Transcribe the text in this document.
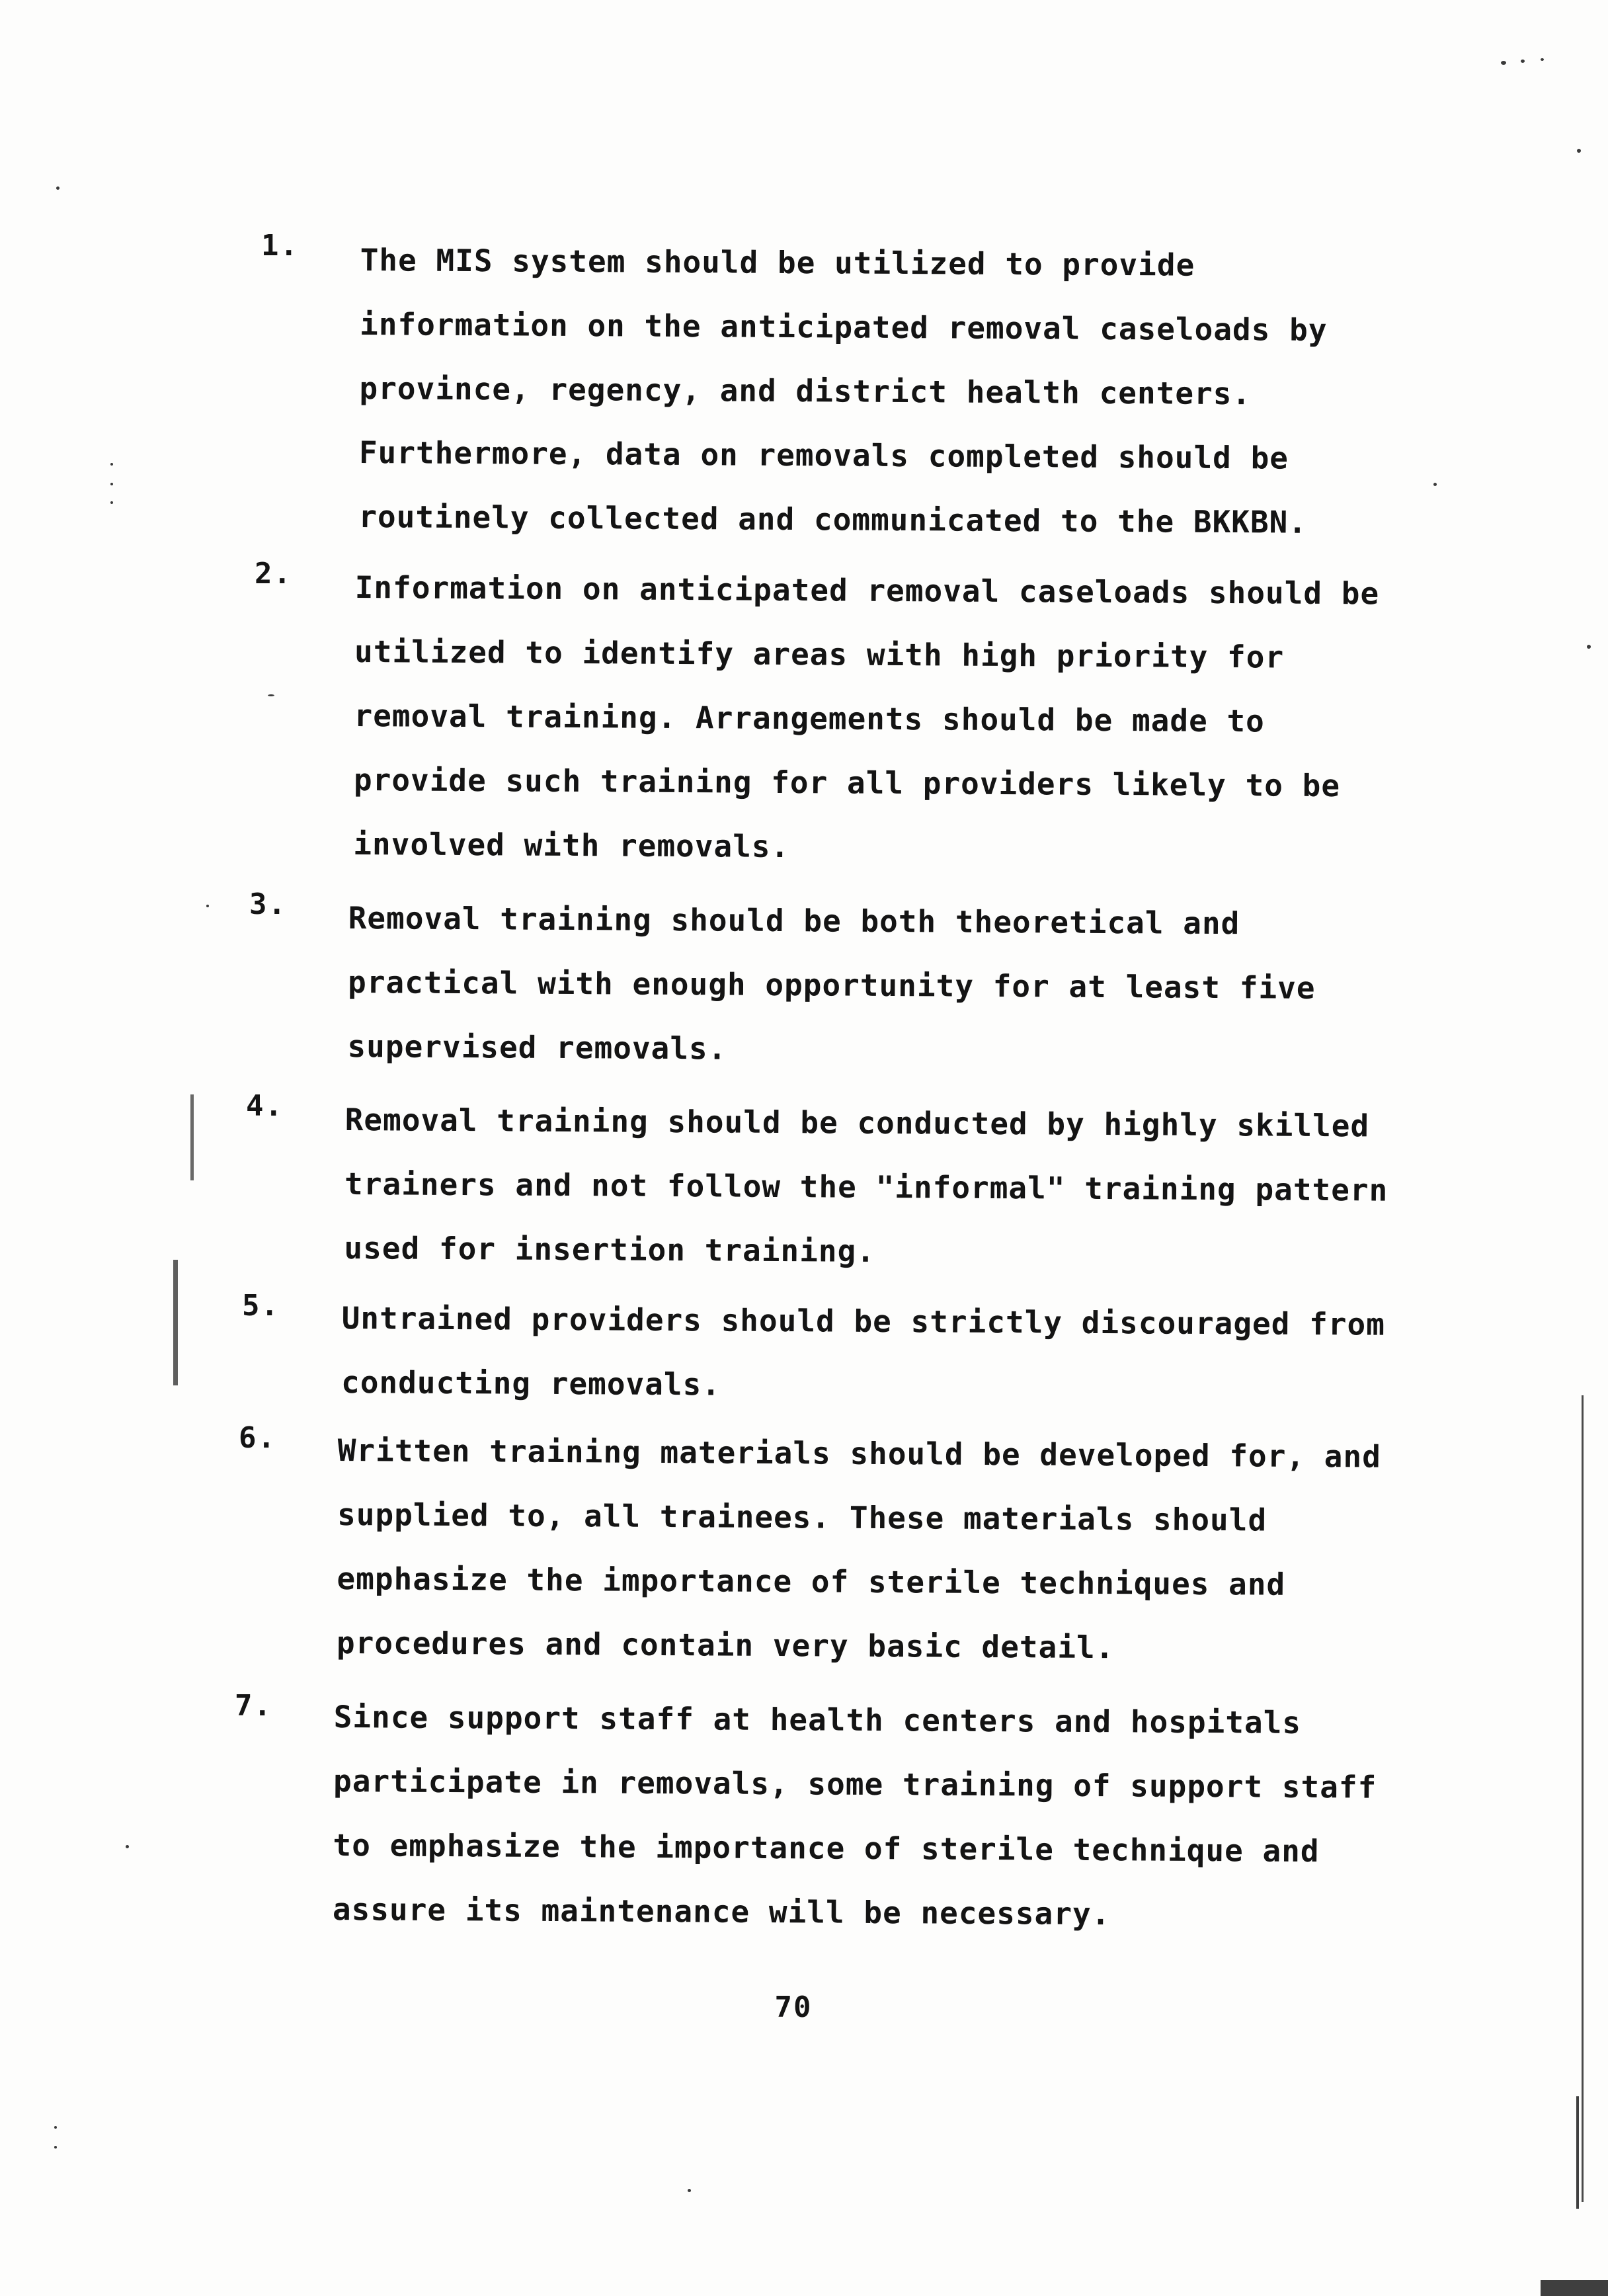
1. The MIS system should be utilized to provide
information on the anticipated removal caseloads by
province, regency, and district health centers.
Furthermore, data on removals completed should be
routinely collected and communicated to the BKKBN.
2. Information on anticipated removal caseloads should be
utilized to identify areas with high priority for
removal training. Arrangements should be made to
provide such training for all providers likely to be
involved with removals.
3. Removal training should be both theoretical and
practical with enough opportunity for at least five
supervised removals.
4. Removal training should be conducted by highly skilled
trainers and not follow the "informal" training pattern
used for insertion training.
5. Untrained providers should be strictly discouraged from
conducting removals.
6. Written training materials should be developed for, and
supplied to, all trainees. These materials should
emphasize the importance of sterile techniques and
procedures and contain very basic detail.
7. Since support staff at health centers and hospitals
participate in removals, some training of support staff
to emphasize the importance of sterile technique and
assure its maintenance will be necessary.
70
